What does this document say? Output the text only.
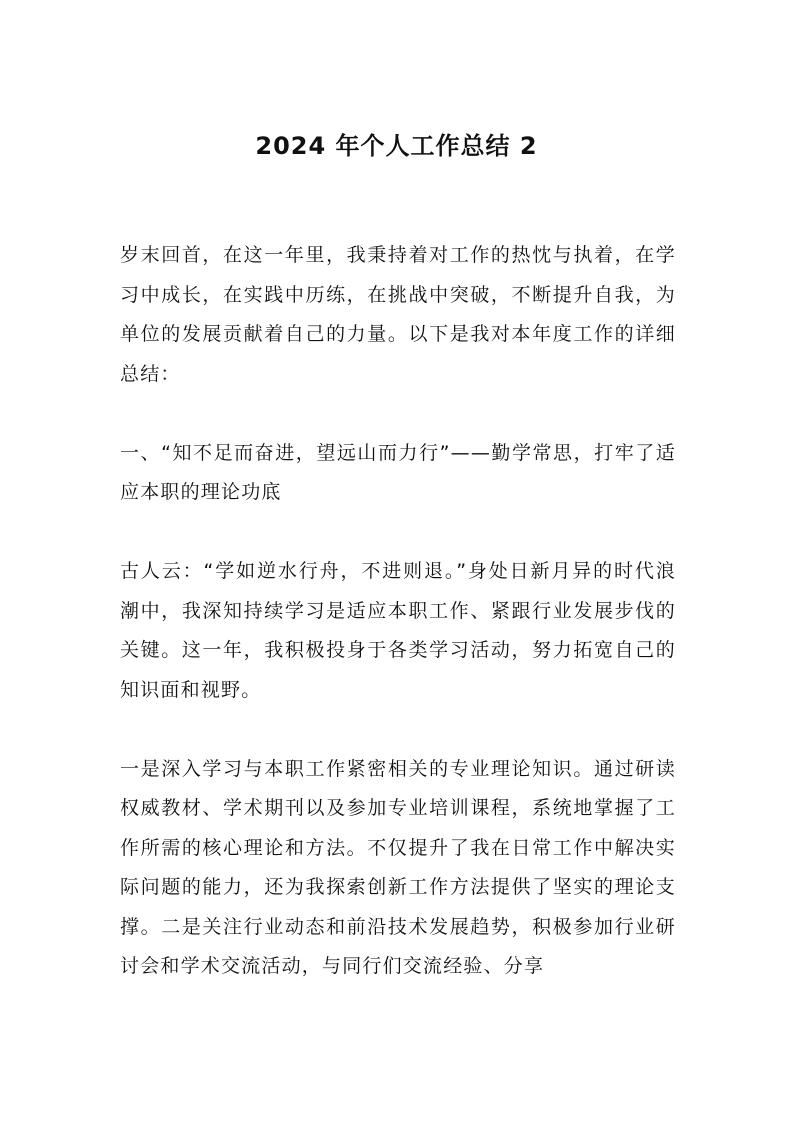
2024 年个人工作总结 2

岁末回首，在这一年里，我秉持着对工作的热忱与执着，在学习中成长，在实践中历练，在挑战中突破，不断提升自我，为单位的发展贡献着自己的力量。以下是我对本年度工作的详细总结：

一、“知不足而奋进，望远山而力行”——勤学常思，打牢了适应本职的理论功底

古人云：“学如逆水行舟，不进则退。”身处日新月异的时代浪潮中，我深知持续学习是适应本职工作、紧跟行业发展步伐的关键。这一年，我积极投身于各类学习活动，努力拓宽自己的知识面和视野。

一是深入学习与本职工作紧密相关的专业理论知识。通过研读权威教材、学术期刊以及参加专业培训课程，系统地掌握了工作所需的核心理论和方法。不仅提升了我在日常工作中解决实际问题的能力，还为我探索创新工作方法提供了坚实的理论支撑。二是关注行业动态和前沿技术发展趋势，积极参加行业研讨会和学术交流活动，与同行们交流经验、分享
